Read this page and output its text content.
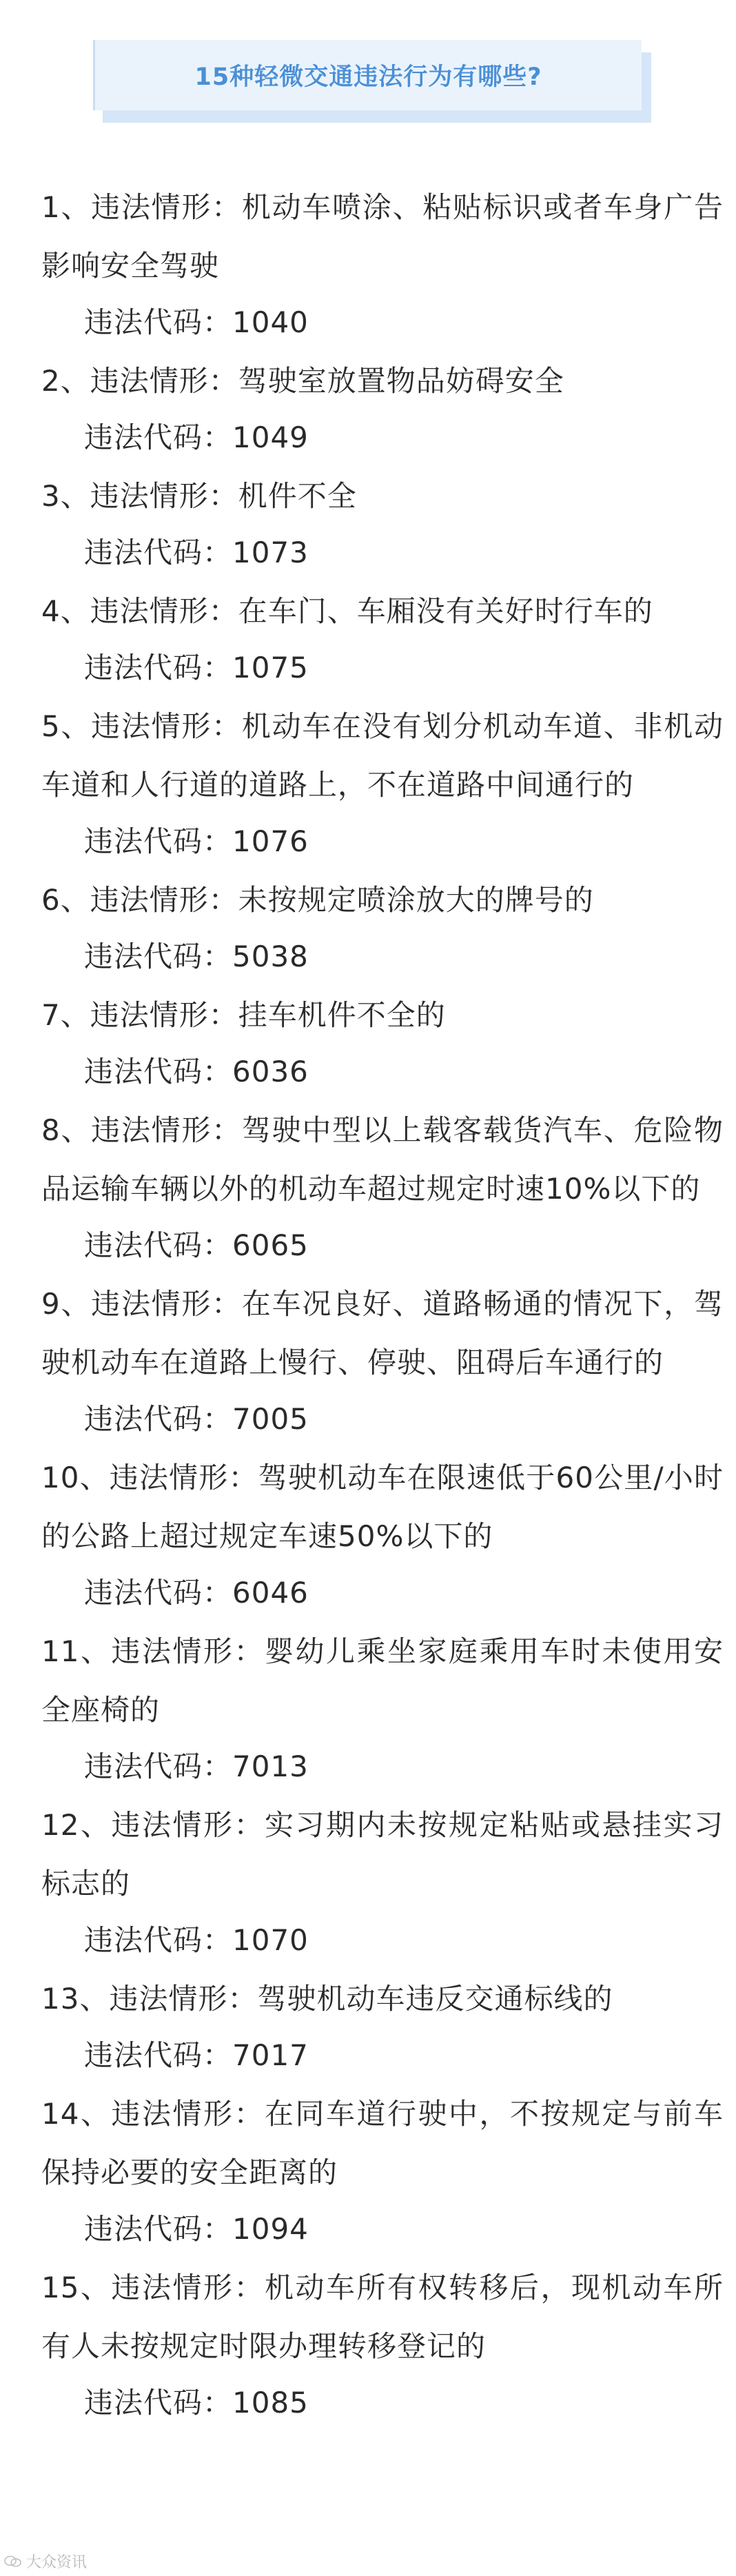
15种轻微交通违法行为有哪些?

1、违法情形：机动车喷涂、粘贴标识或者车身广告影响安全驾驶

违法代码：1040

2、违法情形：驾驶室放置物品妨碍安全

违法代码：1049

3、违法情形：机件不全

违法代码：1073

4、违法情形：在车门、车厢没有关好时行车的

违法代码：1075

5、违法情形：机动车在没有划分机动车道、非机动车道和人行道的道路上，不在道路中间通行的

违法代码：1076

6、违法情形：未按规定喷涂放大的牌号的

违法代码：5038

7、违法情形：挂车机件不全的

违法代码：6036

8、违法情形：驾驶中型以上载客载货汽车、危险物品运输车辆以外的机动车超过规定时速10%以下的

违法代码：6065

9、违法情形：在车况良好、道路畅通的情况下，驾驶机动车在道路上慢行、停驶、阻碍后车通行的

违法代码：7005

10、违法情形：驾驶机动车在限速低于60公里/小时的公路上超过规定车速50%以下的

违法代码：6046

11、违法情形：婴幼儿乘坐家庭乘用车时未使用安全座椅的

违法代码：7013

12、违法情形：实习期内未按规定粘贴或悬挂实习标志的

违法代码：1070

13、违法情形：驾驶机动车违反交通标线的

违法代码：7017

14、违法情形：在同车道行驶中，不按规定与前车保持必要的安全距离的

违法代码：1094

15、违法情形：机动车所有权转移后，现机动车所有人未按规定时限办理转移登记的

违法代码：1085

大众资讯
